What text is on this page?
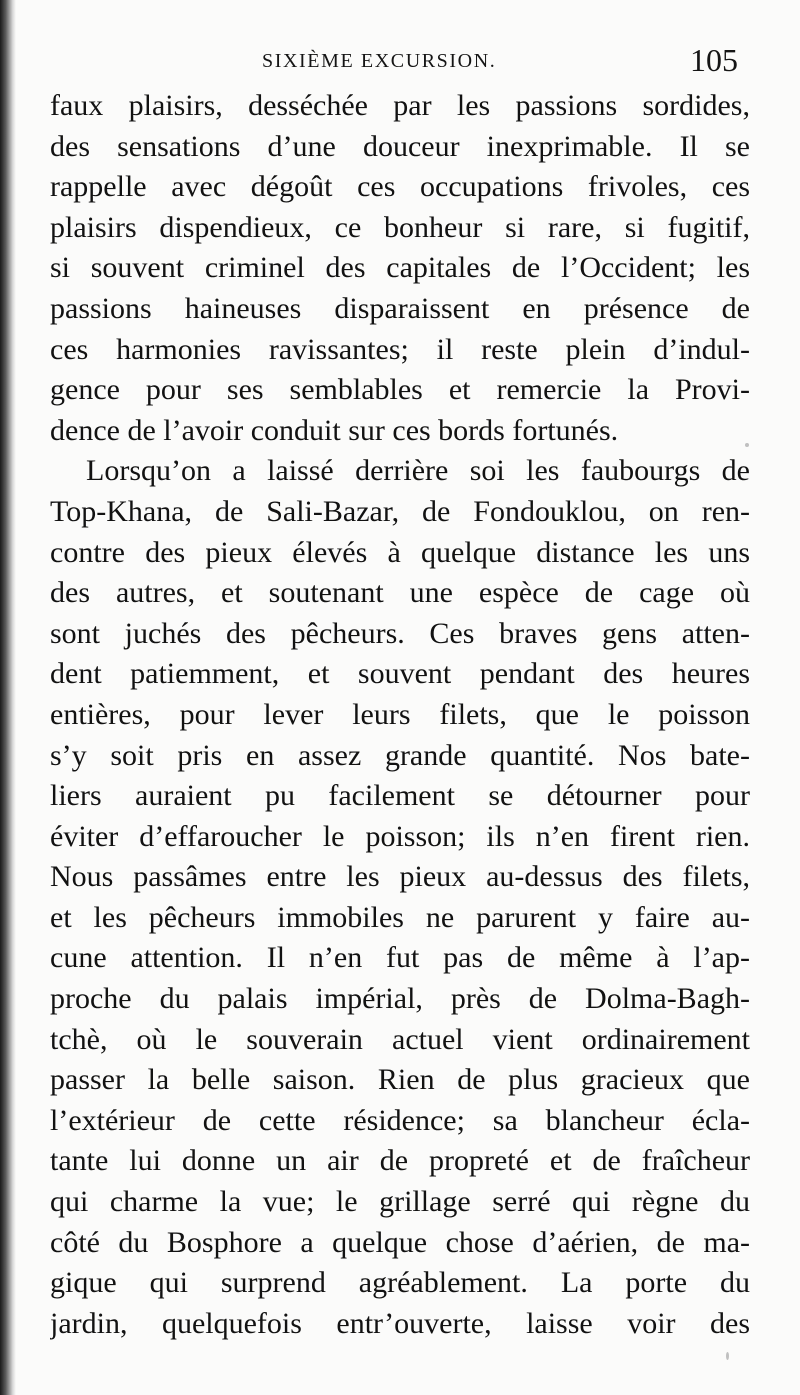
SIXIÈME EXCURSION.	105
faux plaisirs, desséchée par les passions sordides,
des sensations d’une douceur inexprimable. Il se
rappelle avec dégoût ces occupations frivoles, ces
plaisirs dispendieux, ce bonheur si rare, si fugitif,
si souvent criminel des capitales de l’Occident; les
passions haineuses disparaissent en présence de
ces harmonies ravissantes; il reste plein d’indul-
gence pour ses semblables et remercie la Provi-
dence de l’avoir conduit sur ces bords fortunés.
Lorsqu’on a laissé derrière soi les faubourgs de
Top-Khana, de Sali-Bazar, de Fondouklou, on ren-
contre des pieux élevés à quelque distance les uns
des autres, et soutenant une espèce de cage où
sont juchés des pêcheurs. Ces braves gens atten-
dent patiemment, et souvent pendant des heures
entières, pour lever leurs filets, que le poisson
s’y soit pris en assez grande quantité. Nos bate-
liers auraient pu facilement se détourner pour
éviter d’effaroucher le poisson; ils n’en firent rien.
Nous passâmes entre les pieux au-dessus des filets,
et les pêcheurs immobiles ne parurent y faire au-
cune attention. Il n’en fut pas de même à l’ap-
proche du palais impérial, près de Dolma-Bagh-
tchè, où le souverain actuel vient ordinairement
passer la belle saison. Rien de plus gracieux que
l’extérieur de cette résidence; sa blancheur écla-
tante lui donne un air de propreté et de fraîcheur
qui charme la vue; le grillage serré qui règne du
côté du Bosphore a quelque chose d’aérien, de ma-
gique qui surprend agréablement. La porte du
jardin, quelquefois entr’ouverte, laisse voir des
